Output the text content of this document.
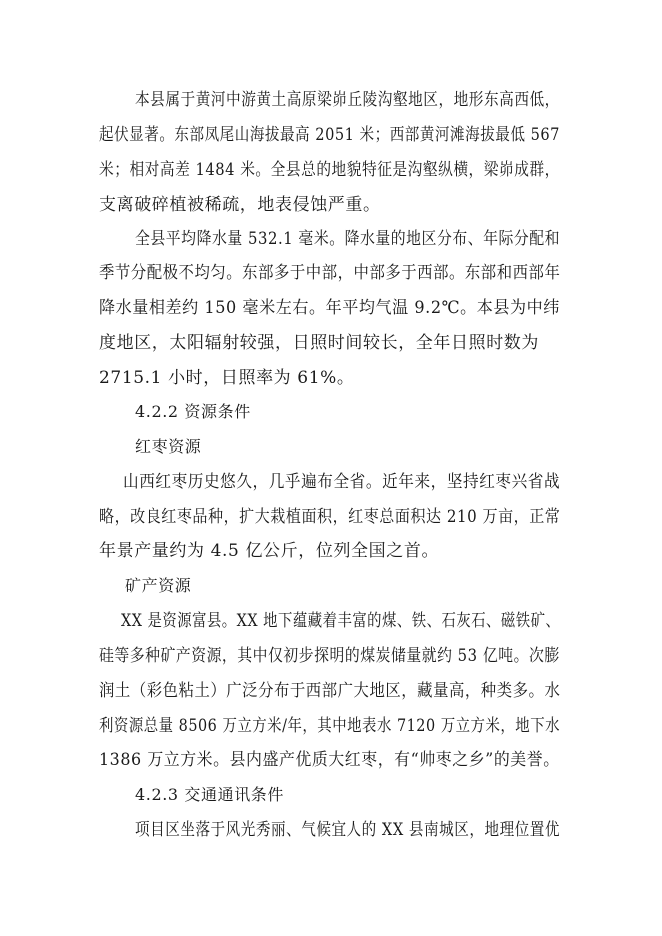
本县属于黄河中游黄土高原梁峁丘陵沟壑地区，地形东高西低，
起伏显著。东部凤尾山海拔最高 2051 米；西部黄河滩海拔最低 567
米；相对高差 1484 米。全县总的地貌特征是沟壑纵横，梁峁成群，
支离破碎植被稀疏，地表侵蚀严重。
全县平均降水量 532.1 毫米。降水量的地区分布、年际分配和
季节分配极不均匀。东部多于中部，中部多于西部。东部和西部年
降水量相差约 150 毫米左右。年平均气温 9.2℃。本县为中纬
度地区，太阳辐射较强，日照时间较长，全年日照时数为
2715.1 小时，日照率为 61%。
4.2.2 资源条件
红枣资源
山西红枣历史悠久，几乎遍布全省。近年来，坚持红枣兴省战
略，改良红枣品种，扩大栽植面积，红枣总面积达 210 万亩，正常
年景产量约为 4.5 亿公斤，位列全国之首。
矿产资源
XX 是资源富县。XX 地下蕴藏着丰富的煤、铁、石灰石、磁铁矿、
硅等多种矿产资源，其中仅初步探明的煤炭储量就约 53 亿吨。次膨
润土（彩色粘土）广泛分布于西部广大地区，藏量高，种类多。水
利资源总量 8506 万立方米/年，其中地表水 7120 万立方米，地下水
1386 万立方米。县内盛产优质大红枣，有“帅枣之乡”的美誉。
4.2.3 交通通讯条件
项目区坐落于风光秀丽、气候宜人的 XX 县南城区，地理位置优
